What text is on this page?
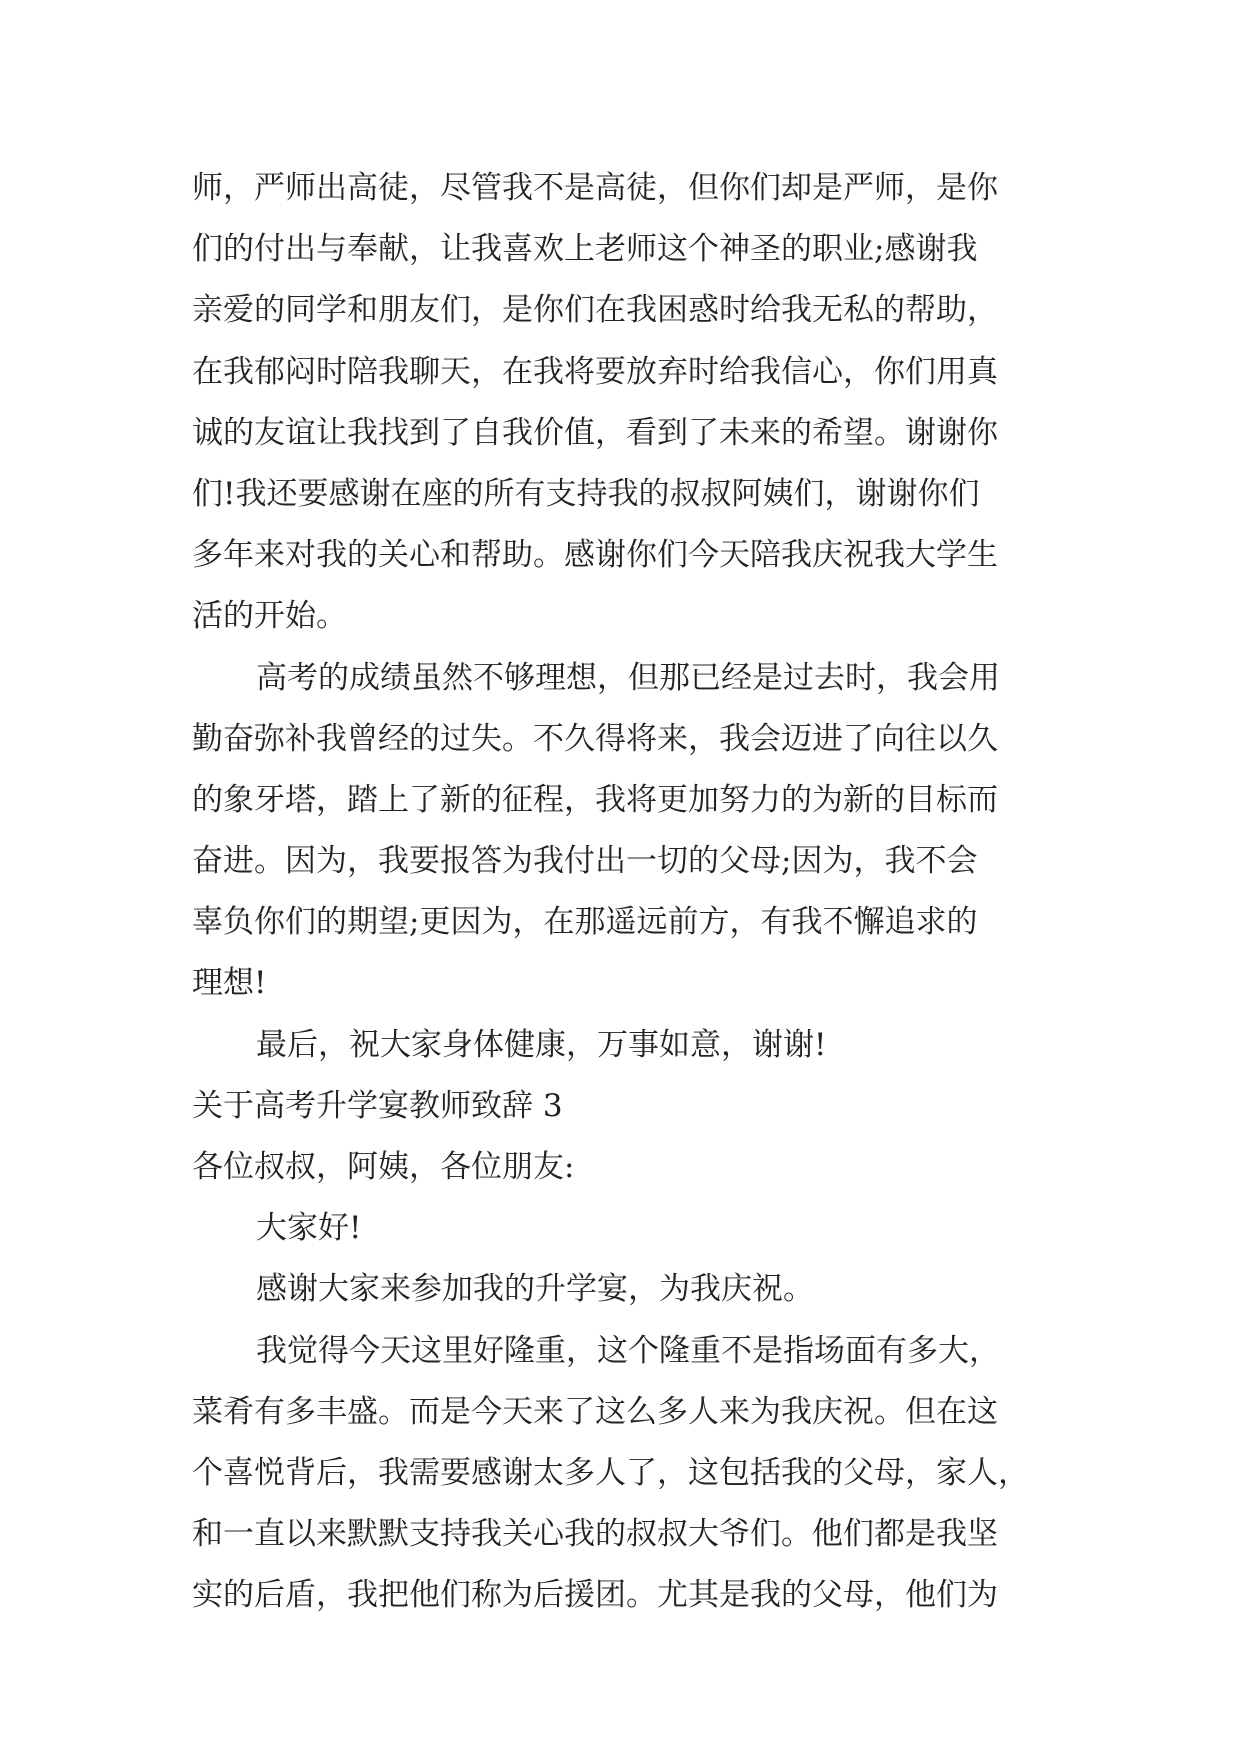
师，严师出高徒，尽管我不是高徒，但你们却是严师，是你

们的付出与奉献，让我喜欢上老师这个神圣的职业;感谢我

亲爱的同学和朋友们，是你们在我困惑时给我无私的帮助，

在我郁闷时陪我聊天，在我将要放弃时给我信心，你们用真

诚的友谊让我找到了自我价值，看到了未来的希望。谢谢你

们!我还要感谢在座的所有支持我的叔叔阿姨们，谢谢你们

多年来对我的关心和帮助。感谢你们今天陪我庆祝我大学生

活的开始。

高考的成绩虽然不够理想，但那已经是过去时，我会用

勤奋弥补我曾经的过失。不久得将来，我会迈进了向往以久

的象牙塔，踏上了新的征程，我将更加努力的为新的目标而

奋进。因为，我要报答为我付出一切的父母;因为，我不会

辜负你们的期望;更因为，在那遥远前方，有我不懈追求的

理想!

最后，祝大家身体健康，万事如意，谢谢!

关于高考升学宴教师致辞 3

各位叔叔，阿姨，各位朋友:

大家好!

感谢大家来参加我的升学宴，为我庆祝。

我觉得今天这里好隆重，这个隆重不是指场面有多大，

菜肴有多丰盛。而是今天来了这么多人来为我庆祝。但在这

个喜悦背后，我需要感谢太多人了，这包括我的父母，家人，

和一直以来默默支持我关心我的叔叔大爷们。他们都是我坚

实的后盾，我把他们称为后援团。尤其是我的父母，他们为
